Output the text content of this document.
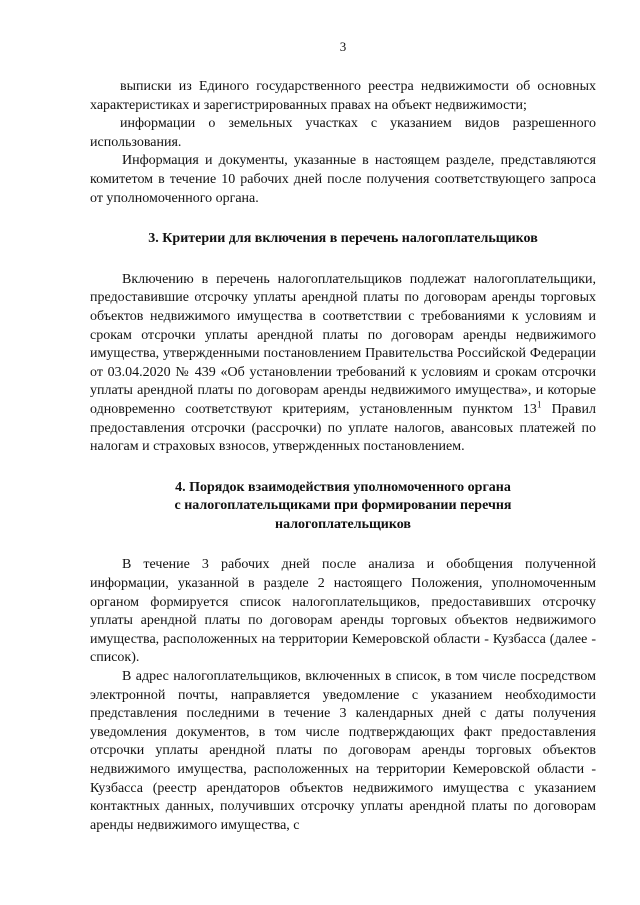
3

выписки из Единого государственного реестра недвижимости об основных характеристиках и зарегистрированных правах на объект недвижимости;

информации о земельных участках с указанием видов разрешенного использования.

Информация и документы, указанные в настоящем разделе, представляются комитетом в течение 10 рабочих дней после получения соответствующего запроса от уполномоченного органа.

3. Критерии для включения в перечень налогоплательщиков

Включению в перечень налогоплательщиков подлежат налогоплательщики, предоставившие отсрочку уплаты арендной платы по договорам аренды торговых объектов недвижимого имущества в соответствии с требованиями к условиям и срокам отсрочки уплаты арендной платы по договорам аренды недвижимого имущества, утвержденными постановлением Правительства Российской Федерации от 03.04.2020 № 439 «Об установлении требований к условиям и срокам отсрочки уплаты арендной платы по договорам аренды недвижимого имущества», и которые одновременно соответствуют критериям, установленным пунктом $13^1$ Правил предоставления отсрочки (рассрочки) по уплате налогов, авансовых платежей по налогам и страховых взносов, утвержденных постановлением.

4. Порядок взаимодействия уполномоченного органа
с налогоплательщиками при формировании перечня
налогоплательщиков

В течение 3 рабочих дней после анализа и обобщения полученной информации, указанной в разделе 2 настоящего Положения, уполномоченным органом формируется список налогоплательщиков, предоставивших отсрочку уплаты арендной платы по договорам аренды торговых объектов недвижимого имущества, расположенных на территории Кемеровской области - Кузбасса (далее - список).

В адрес налогоплательщиков, включенных в список, в том числе посредством электронной почты, направляется уведомление с указанием необходимости представления последними в течение 3 календарных дней с даты получения уведомления документов, в том числе подтверждающих факт предоставления отсрочки уплаты арендной платы по договорам аренды торговых объектов недвижимого имущества, расположенных на территории Кемеровской области - Кузбасса (реестр арендаторов объектов недвижимого имущества с указанием контактных данных, получивших отсрочку уплаты арендной платы по договорам аренды недвижимого имущества, с
